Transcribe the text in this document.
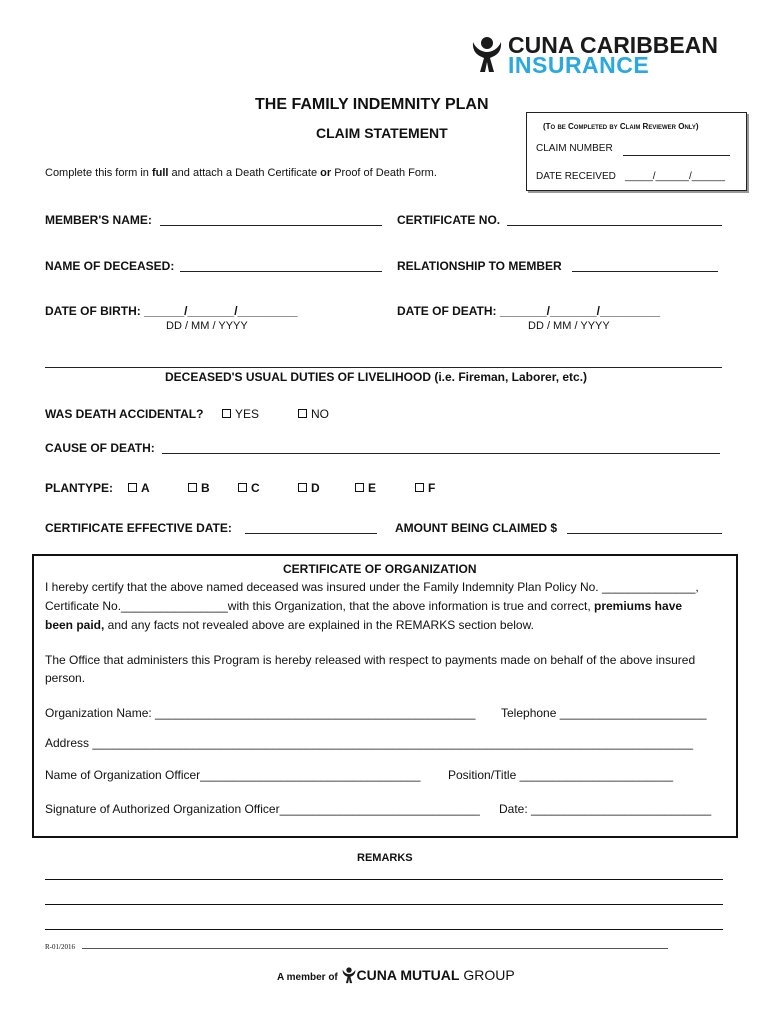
CUNA CARIBBEAN
INSURANCE
THE FAMILY INDEMNITY PLAN
CLAIM STATEMENT	(To be Completed by Claim Reviewer Only)
CLAIM NUMBER
DATE RECEIVED _____/______/______
Complete this form in full and attach a Death Certificate or Proof of Death Form.
MEMBER'S NAME:	CERTIFICATE NO.
NAME OF DECEASED:	RELATIONSHIP TO MEMBER
DATE OF BIRTH: ______/_______/_________
DD / MM / YYYY
DATE OF DEATH: _______/_______/_________
DD / MM / YYYY
DECEASED'S USUAL DUTIES OF LIVELIHOOD (i.e. Fireman, Laborer, etc.)
WAS DEATH ACCIDENTAL?	YES	NO
CAUSE OF DEATH:
PLANTYPE:	A	B	C	D	E	F
CERTIFICATE EFFECTIVE DATE:	AMOUNT BEING CLAIMED $
CERTIFICATE OF ORGANIZATION
I hereby certify that the above named deceased was insured under the Family Indemnity Plan Policy No. ______________,
Certificate No.________________with this Organization, that the above information is true and correct, premiums have
been paid, and any facts not revealed above are explained in the REMARKS section below.
The Office that administers this Program is hereby released with respect to payments made on behalf of the above insured
person.
Organization Name: ________________________________________________ Telephone ______________________
Address __________________________________________________________________________________________
Name of Organization Officer_________________________________ Position/Title _______________________
Signature of Authorized Organization Officer______________________________ Date: ___________________________
REMARKS
R-01/2016
A member of CUNA MUTUAL GROUP
